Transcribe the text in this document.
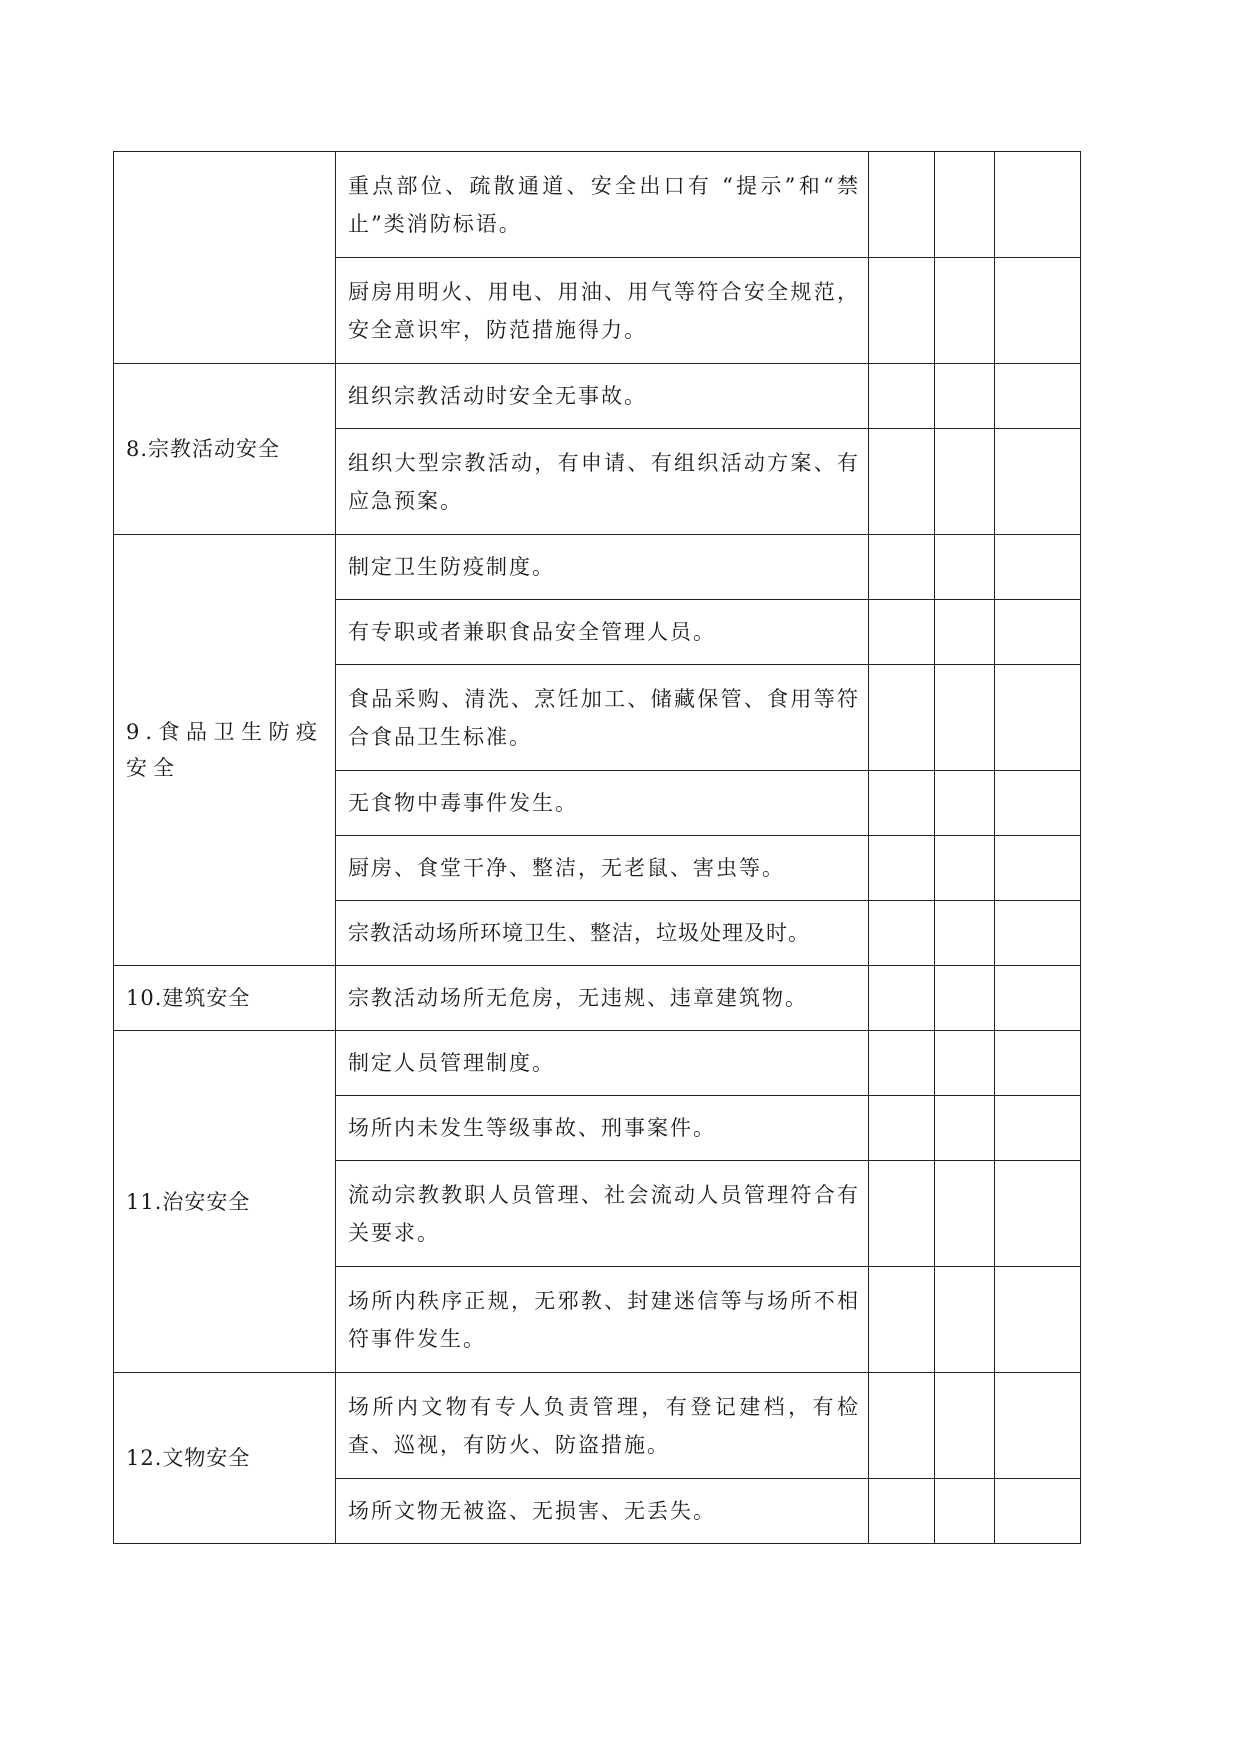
	重点部位、疏散通道、安全出口有 “提示”和“禁止”类消防标语。			
	厨房用明火、用电、用油、用气等符合安全规范，安全意识牢，防范措施得力。			
8.宗教活动安全	组织宗教活动时安全无事故。			
	组织大型宗教活动，有申请、有组织活动方案、有应急预案。			
9.食品卫生防疫安全	制定卫生防疫制度。			
	有专职或者兼职食品安全管理人员。			
	食品采购、清洗、烹饪加工、储藏保管、食用等符合食品卫生标准。			
	无食物中毒事件发生。			
	厨房、食堂干净、整洁，无老鼠、害虫等。			
	宗教活动场所环境卫生、整洁，垃圾处理及时。			
10.建筑安全	宗教活动场所无危房，无违规、违章建筑物。			
11.治安安全	制定人员管理制度。			
	场所内未发生等级事故、刑事案件。			
	流动宗教教职人员管理、社会流动人员管理符合有关要求。			
	场所内秩序正规，无邪教、封建迷信等与场所不相符事件发生。			
12.文物安全	场所内文物有专人负责管理，有登记建档，有检查、巡视，有防火、防盗措施。			
	场所文物无被盗、无损害、无丢失。			
